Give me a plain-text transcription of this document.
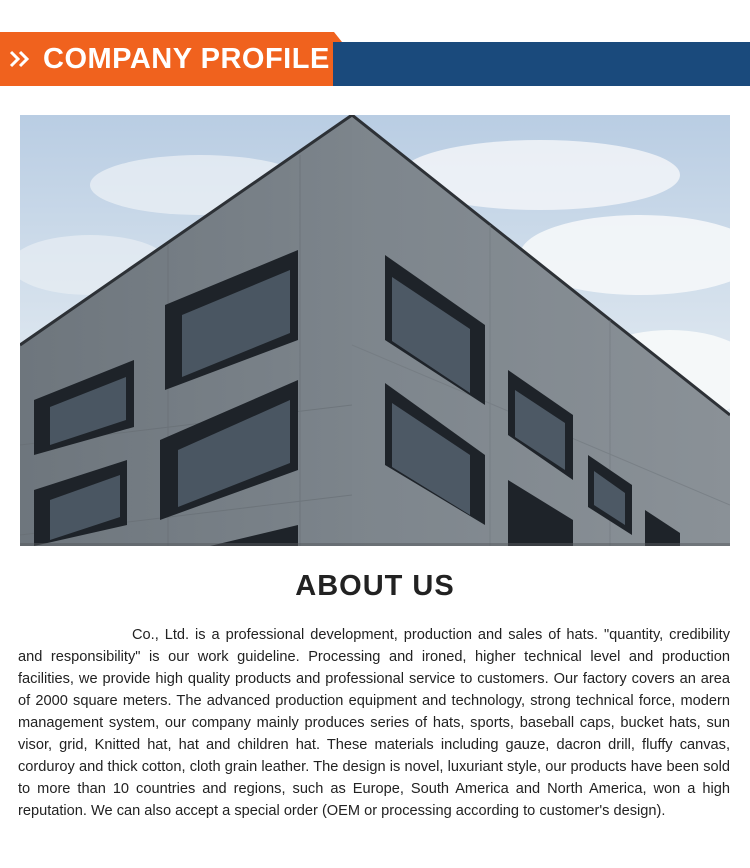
COMPANY PROFILE
ABOUT US
Co., Ltd. is a professional development, production and sales of hats. "quantity, credibility and responsibility" is our work guideline. Processing and ironed, higher technical level and production facilities, we provide high quality products and professional service to customers. Our factory covers an area of 2000 square meters. The advanced production equipment and technology, strong technical force, modern management system, our company mainly produces series of hats, sports, baseball caps, bucket hats, sun visor, grid, Knitted hat, hat and children hat. These materials including gauze, dacron drill, fluffy canvas, corduroy and thick cotton, cloth grain leather. The design is novel, luxuriant style, our products have been sold to more than 10 countries and regions, such as Europe, South America and North America, won a high reputation. We can also accept a special order (OEM or processing according to customer's design).
